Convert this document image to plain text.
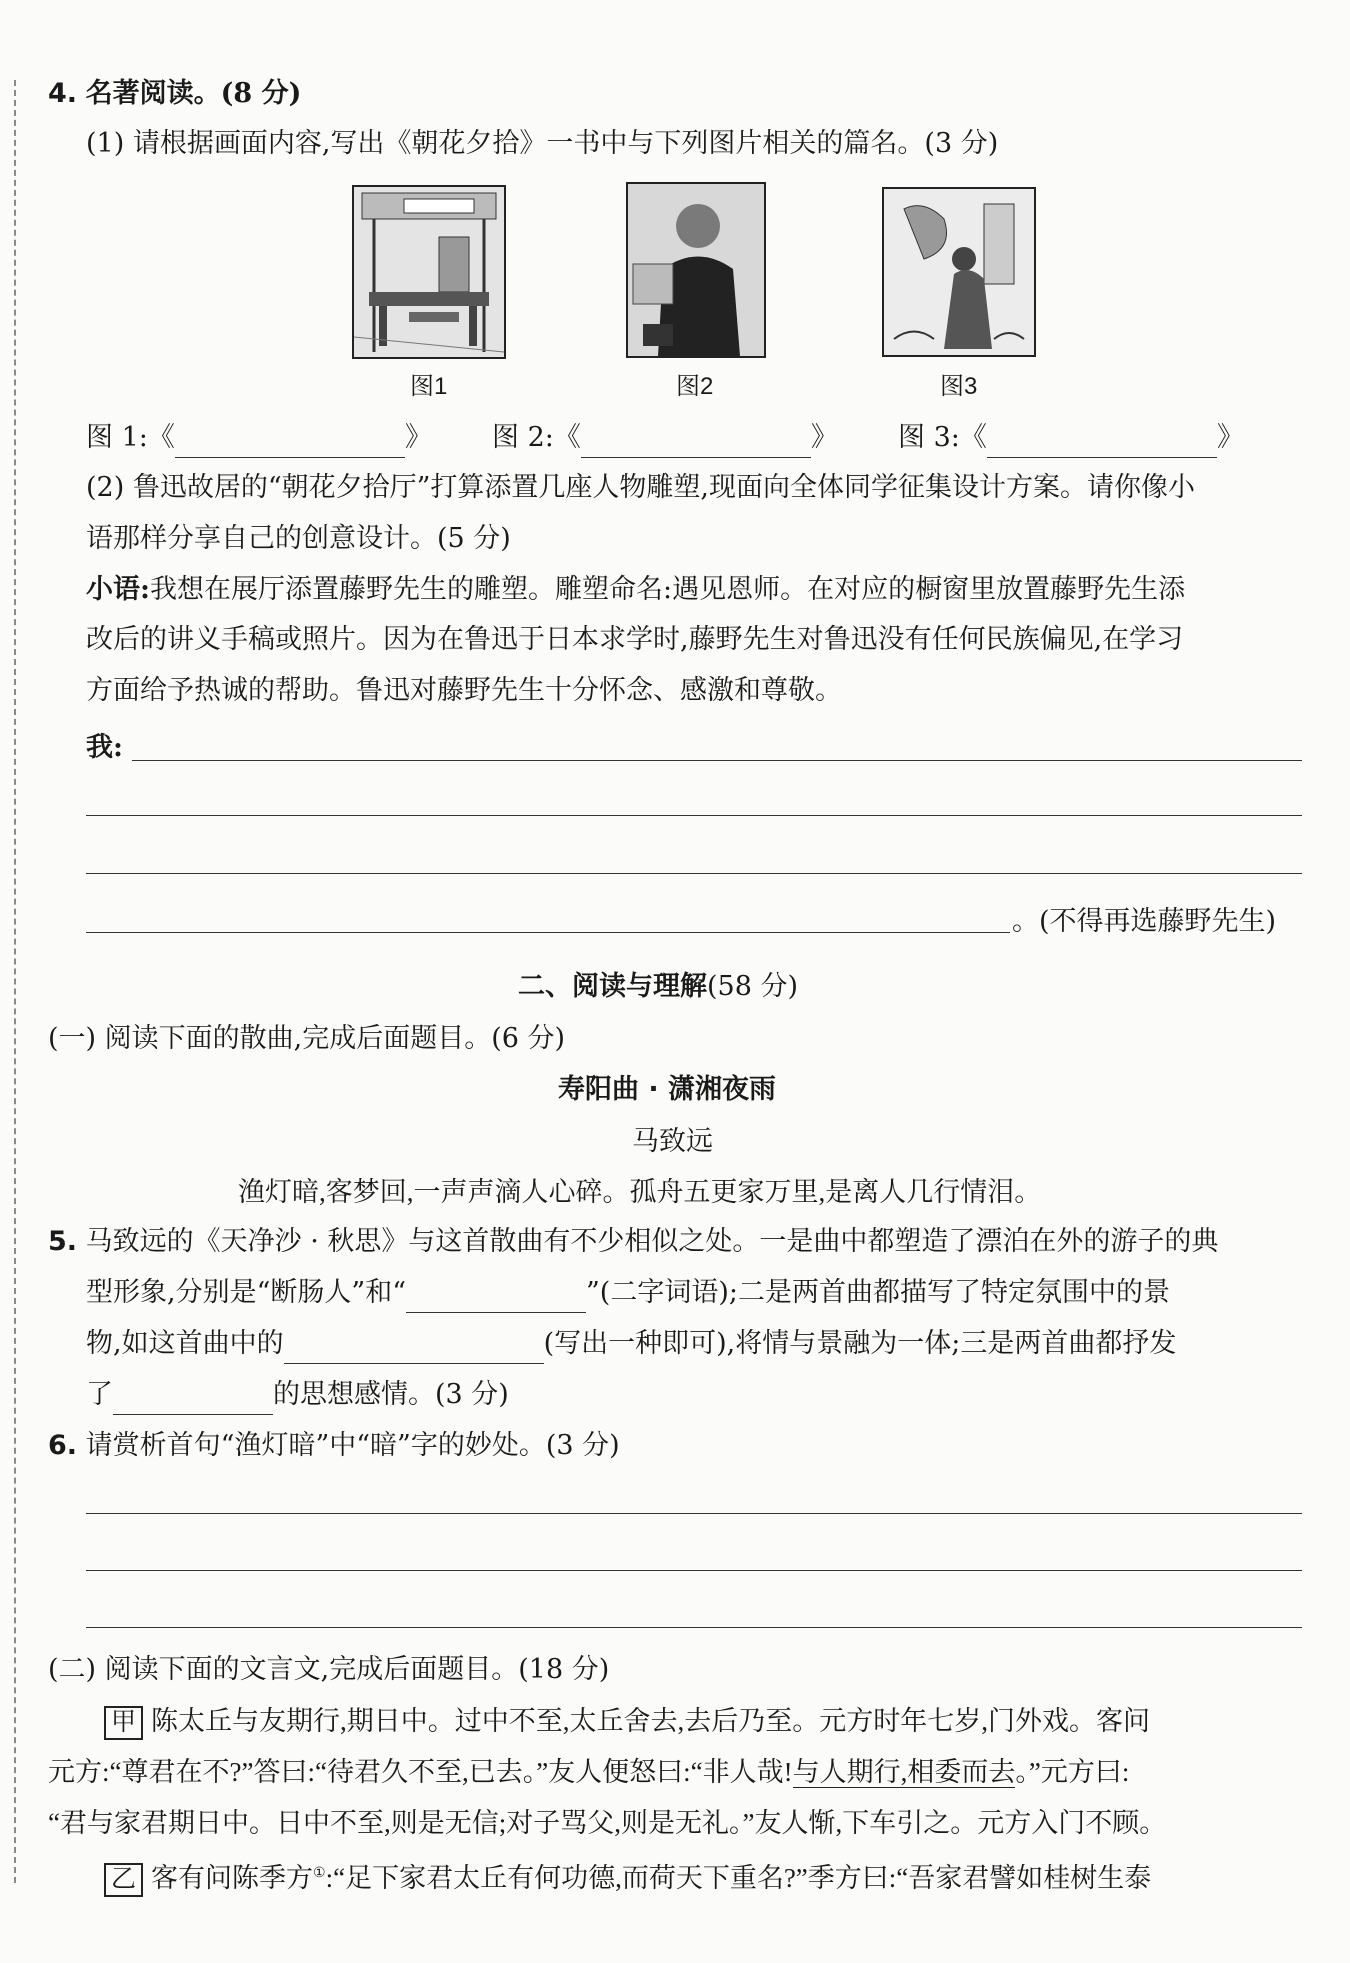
4. 名著阅读。(8 分)
(1) 请根据画面内容,写出《朝花夕拾》一书中与下列图片相关的篇名。(3 分)
图1	图2	图3
图 1:《	》 图 2:《	》 图 3:《	》
(2) 鲁迅故居的“朝花夕拾厅”打算添置几座人物雕塑,现面向全体同学征集设计方案。请你像小
语那样分享自己的创意设计。(5 分)
小语:我想在展厅添置藤野先生的雕塑。雕塑命名:遇见恩师。在对应的橱窗里放置藤野先生添
改后的讲义手稿或照片。因为在鲁迅于日本求学时,藤野先生对鲁迅没有任何民族偏见,在学习
方面给予热诚的帮助。鲁迅对藤野先生十分怀念、感激和尊敬。
我:
。(不得再选藤野先生)
二、阅读与理解(58 分)
(一) 阅读下面的散曲,完成后面题目。(6 分)
寿阳曲 · 潇湘夜雨
马致远
渔灯暗,客梦回,一声声滴人心碎。孤舟五更家万里,是离人几行情泪。
5. 马致远的《天净沙 · 秋思》与这首散曲有不少相似之处。一是曲中都塑造了漂泊在外的游子的典
型形象,分别是“断肠人”和“	”(二字词语);二是两首曲都描写了特定氛围中的景
物,如这首曲中的	(写出一种即可),将情与景融为一体;三是两首曲都抒发
了	的思想感情。(3 分)
6. 请赏析首句“渔灯暗”中“暗”字的妙处。(3 分)
(二) 阅读下面的文言文,完成后面题目。(18 分)
甲 陈太丘与友期行,期日中。过中不至,太丘舍去,去后乃至。元方时年七岁,门外戏。客问
元方:“尊君在不?”答曰:“待君久不至,已去。”友人便怒曰:“非人哉!与人期行,相委而去。”元方曰:
“君与家君期日中。日中不至,则是无信;对子骂父,则是无礼。”友人惭,下车引之。元方入门不顾。
乙 客有问陈季方①:“足下家君太丘有何功德,而荷天下重名?”季方曰:“吾家君譬如桂树生泰
